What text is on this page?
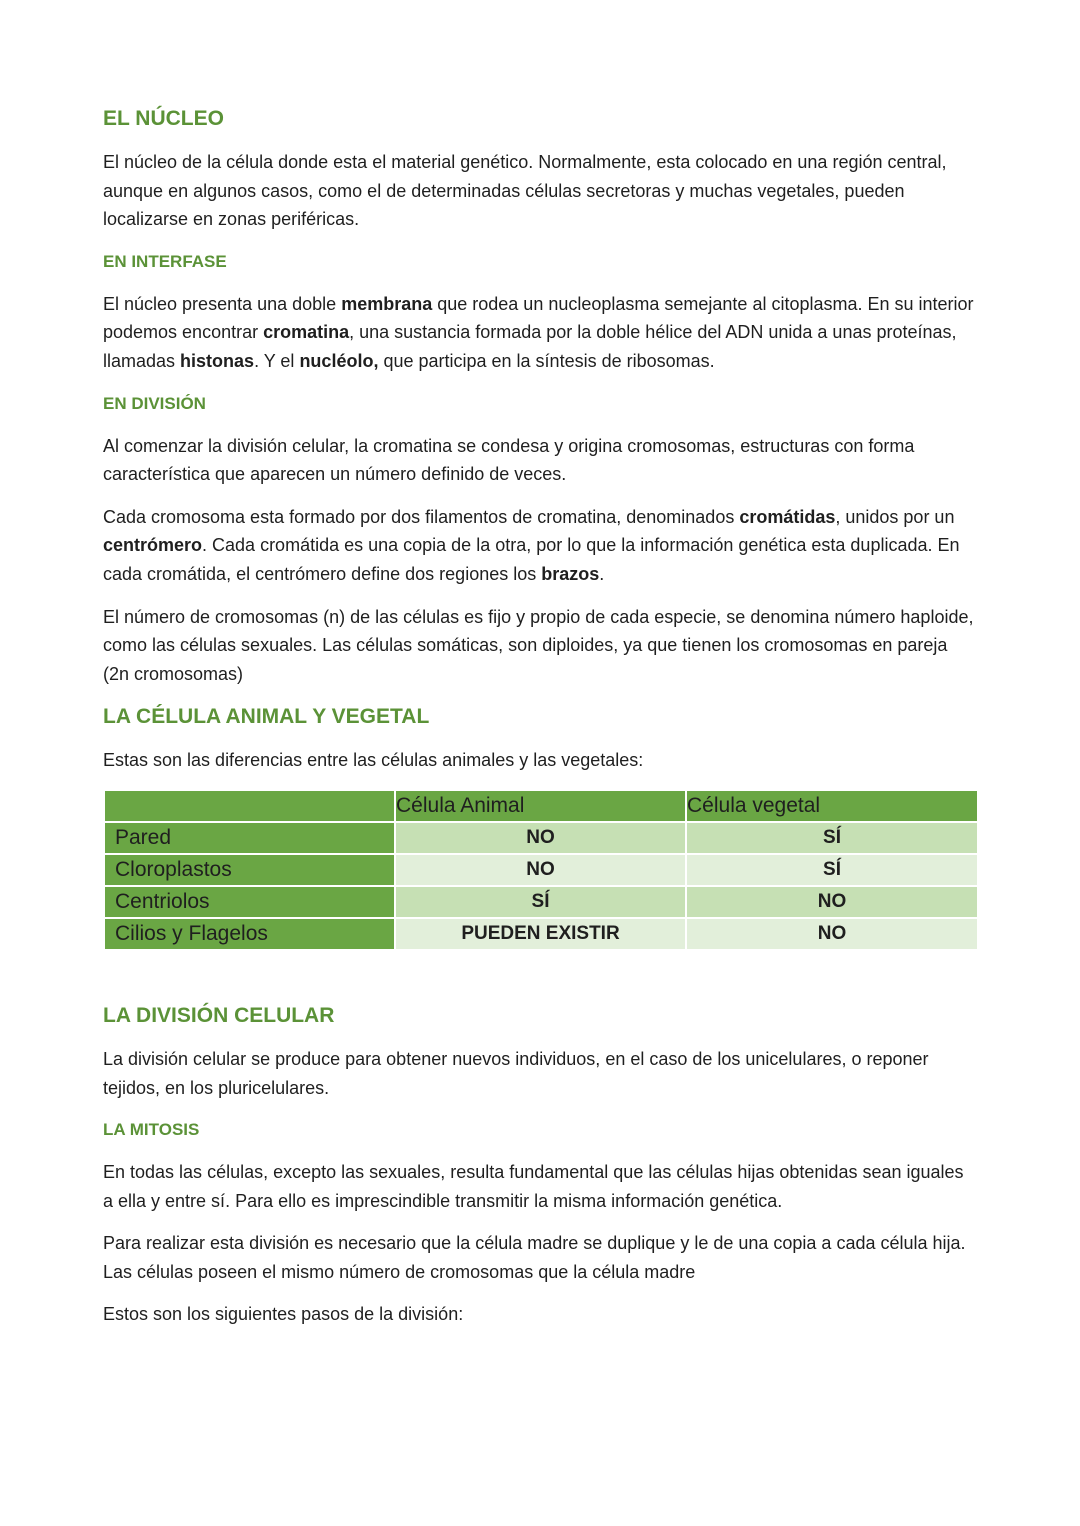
EL NÚCLEO

El núcleo de la célula donde esta el material genético. Normalmente, esta colocado en una región central, aunque en algunos casos, como el de determinadas células secretoras y muchas vegetales, pueden localizarse en zonas periféricas.

EN INTERFASE

El núcleo presenta una doble membrana que rodea un nucleoplasma semejante al citoplasma. En su interior podemos encontrar cromatina, una sustancia formada por la doble hélice del ADN unida a unas proteínas, llamadas histonas. Y el nucléolo, que participa en la síntesis de ribosomas.

EN DIVISIÓN

Al comenzar la división celular, la cromatina se condesa y origina cromosomas, estructuras con forma característica que aparecen un número definido de veces.

Cada cromosoma esta formado por dos filamentos de cromatina, denominados cromátidas, unidos por un centrómero. Cada cromátida es una copia de la otra, por lo que la información genética esta duplicada. En cada cromátida, el centrómero define dos regiones los brazos.

El número de cromosomas (n) de las células es fijo y propio de cada especie, se denomina número haploide, como las células sexuales. Las células somáticas, son diploides, ya que tienen los cromosomas en pareja (2n cromosomas)

LA CÉLULA ANIMAL Y VEGETAL

Estas son las diferencias entre las células animales y las vegetales:

	Célula Animal	Célula vegetal
Pared	NO	SÍ
Cloroplastos	NO	SÍ
Centriolos	SÍ	NO
Cilios y Flagelos	PUEDEN EXISTIR	NO
LA DIVISIÓN CELULAR

La división celular se produce para obtener nuevos individuos, en el caso de los unicelulares, o reponer tejidos, en los pluricelulares.

LA MITOSIS

En todas las células, excepto las sexuales, resulta fundamental que las células hijas obtenidas sean iguales a ella y entre sí. Para ello es imprescindible transmitir la misma información genética.

Para realizar esta división es necesario que la célula madre se duplique y le de una copia a cada célula hija. Las células poseen el mismo número de cromosomas que la célula madre

Estos son los siguientes pasos de la división:
